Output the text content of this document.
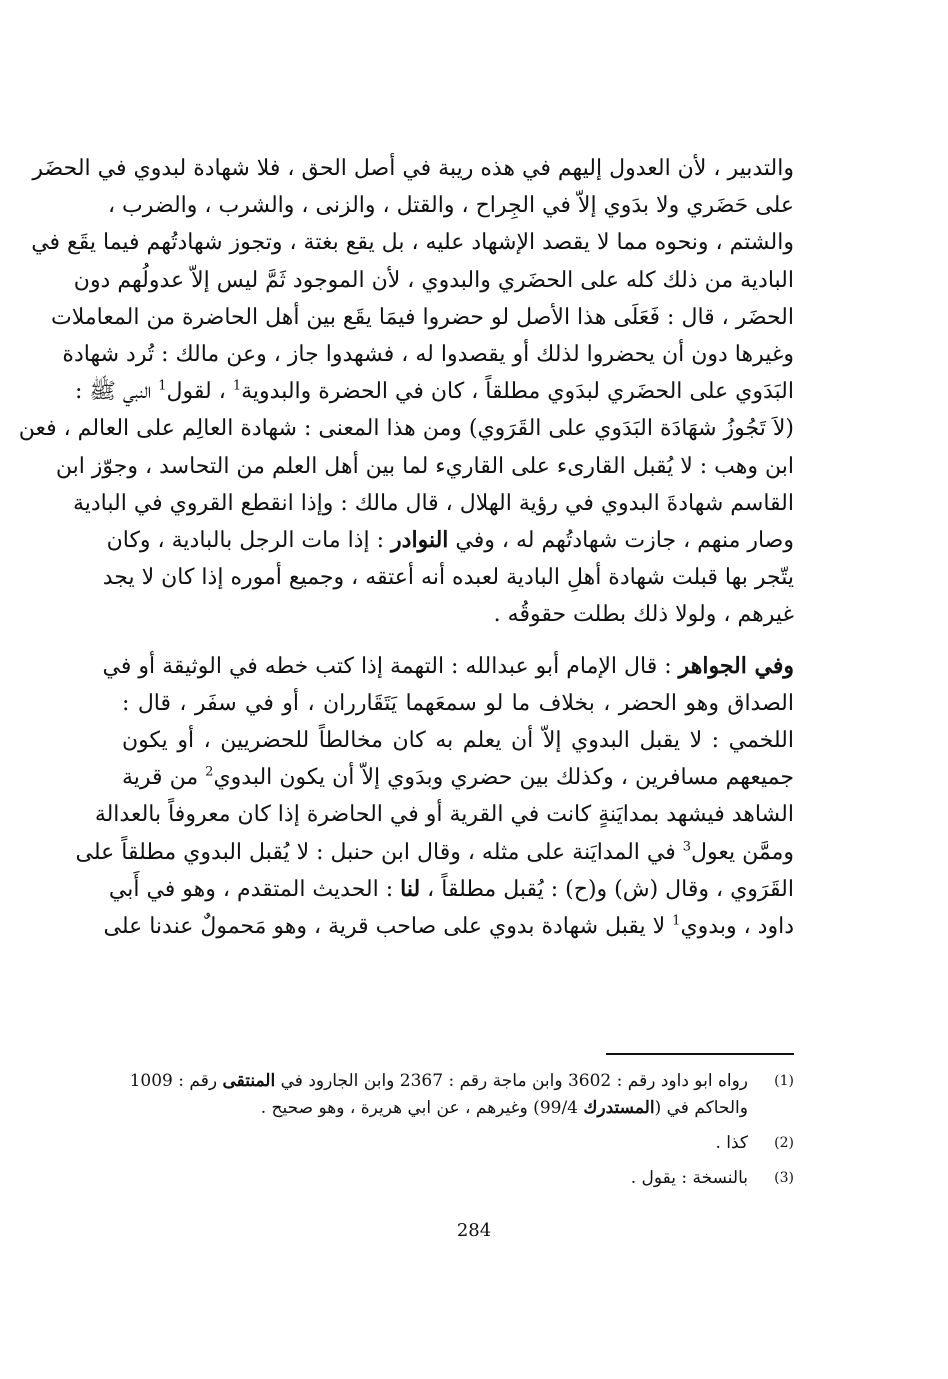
والتدبير ، لأن العدول إليهم في هذه ريبة في أصل الحق ، فلا شهادة لبدوي في الحضَر
على حَضَري ولا بدَوي إلاّ في الجِراح ، والقتل ، والزنى ، والشرب ، والضرب ،
والشتم ، ونحوه مما لا يقصد الإشهاد عليه ، بل يقع بغتة ، وتجوز شهادتُهم فيما يقَع في
البادية من ذلك كله على الحضَري والبدوي ، لأن الموجود ثَمَّ ليس إلاّ عدولُهم دون
الحضَر ، قال : فَعَلَى هذا الأصل لو حضروا فيمَا يقَع بين أهل الحاضرة من المعاملات
وغيرها دون أن يحضروا لذلك أو يقصدوا له ، فشهدوا جاز ، وعن مالك : تُرد شهادة
البَدَوي على الحضَري لبدَوي مطلقاً ، كان في الحضرة والبدوية$^1$ ، لقول$^1$ النبي ﷺ :
(لاَ تَجُوزُ شهَادَة البَدَوي على القَرَوي) ومن هذا المعنى : شهادة العالِم على العالم ، فعن
ابن وهب : لا يُقبل القارىء على القاريء لما بين أهل العلم من التحاسد ، وجوّز ابن
القاسم شهادةَ البدوي في رؤية الهلال ، قال مالك : وإذا انقطع القروي في البادية
وصار منهم ، جازت شهادتُهم له ، وفي النوادر : إذا مات الرجل بالبادية ، وكان
يتّجر بها قبلت شهادة أهلِ البادية لعبده أنه أعتقه ، وجميع أموره إذا كان لا يجد
غيرهم ، ولولا ذلك بطلت حقوقُه .

وفي الجواهر : قال الإمام أبو عبدالله : التهمة إذا كتب خطه في الوثيقة أو في
الصداق وهو الحضر ، بخلاف ما لو سمعَهما يَتَقَارران ، أو في سفَر ، قال :
اللخمي : لا يقبل البدوي إلاّ أن يعلم به كان مخالطاً للحضريين ، أو يكون
جميعهم مسافرين ، وكذلك بين حضري وبدَوي إلاّ أن يكون البدوي$^2$ من قرية
الشاهد فيشهد بمدايَنةٍ كانت في القرية أو في الحاضرة إذا كان معروفاً بالعدالة
وممَّن يعول$^3$ في المدايَنة على مثله ، وقال ابن حنبل : لا يُقبل البدوي مطلقاً على
القَرَوي ، وقال (ش) و(ح) : يُقبل مطلقاً ، لنا : الحديث المتقدم ، وهو في أَبي
داود ، وبدوي$^1$ لا يقبل شهادة بدوي على صاحب قرية ، وهو مَحمولٌ عندنا على

(1)
رواه ابو داود رقم : 3602 وابن ماجة رقم : 2367 وابن الجارود في المنتقى رقم : 1009
والحاكم في (المستدرك 99/4) وغيرهم ، عن ابي هريرة ، وهو صحيح .
(2)
كذا .
(3)
بالنسخة : يقول .
284
